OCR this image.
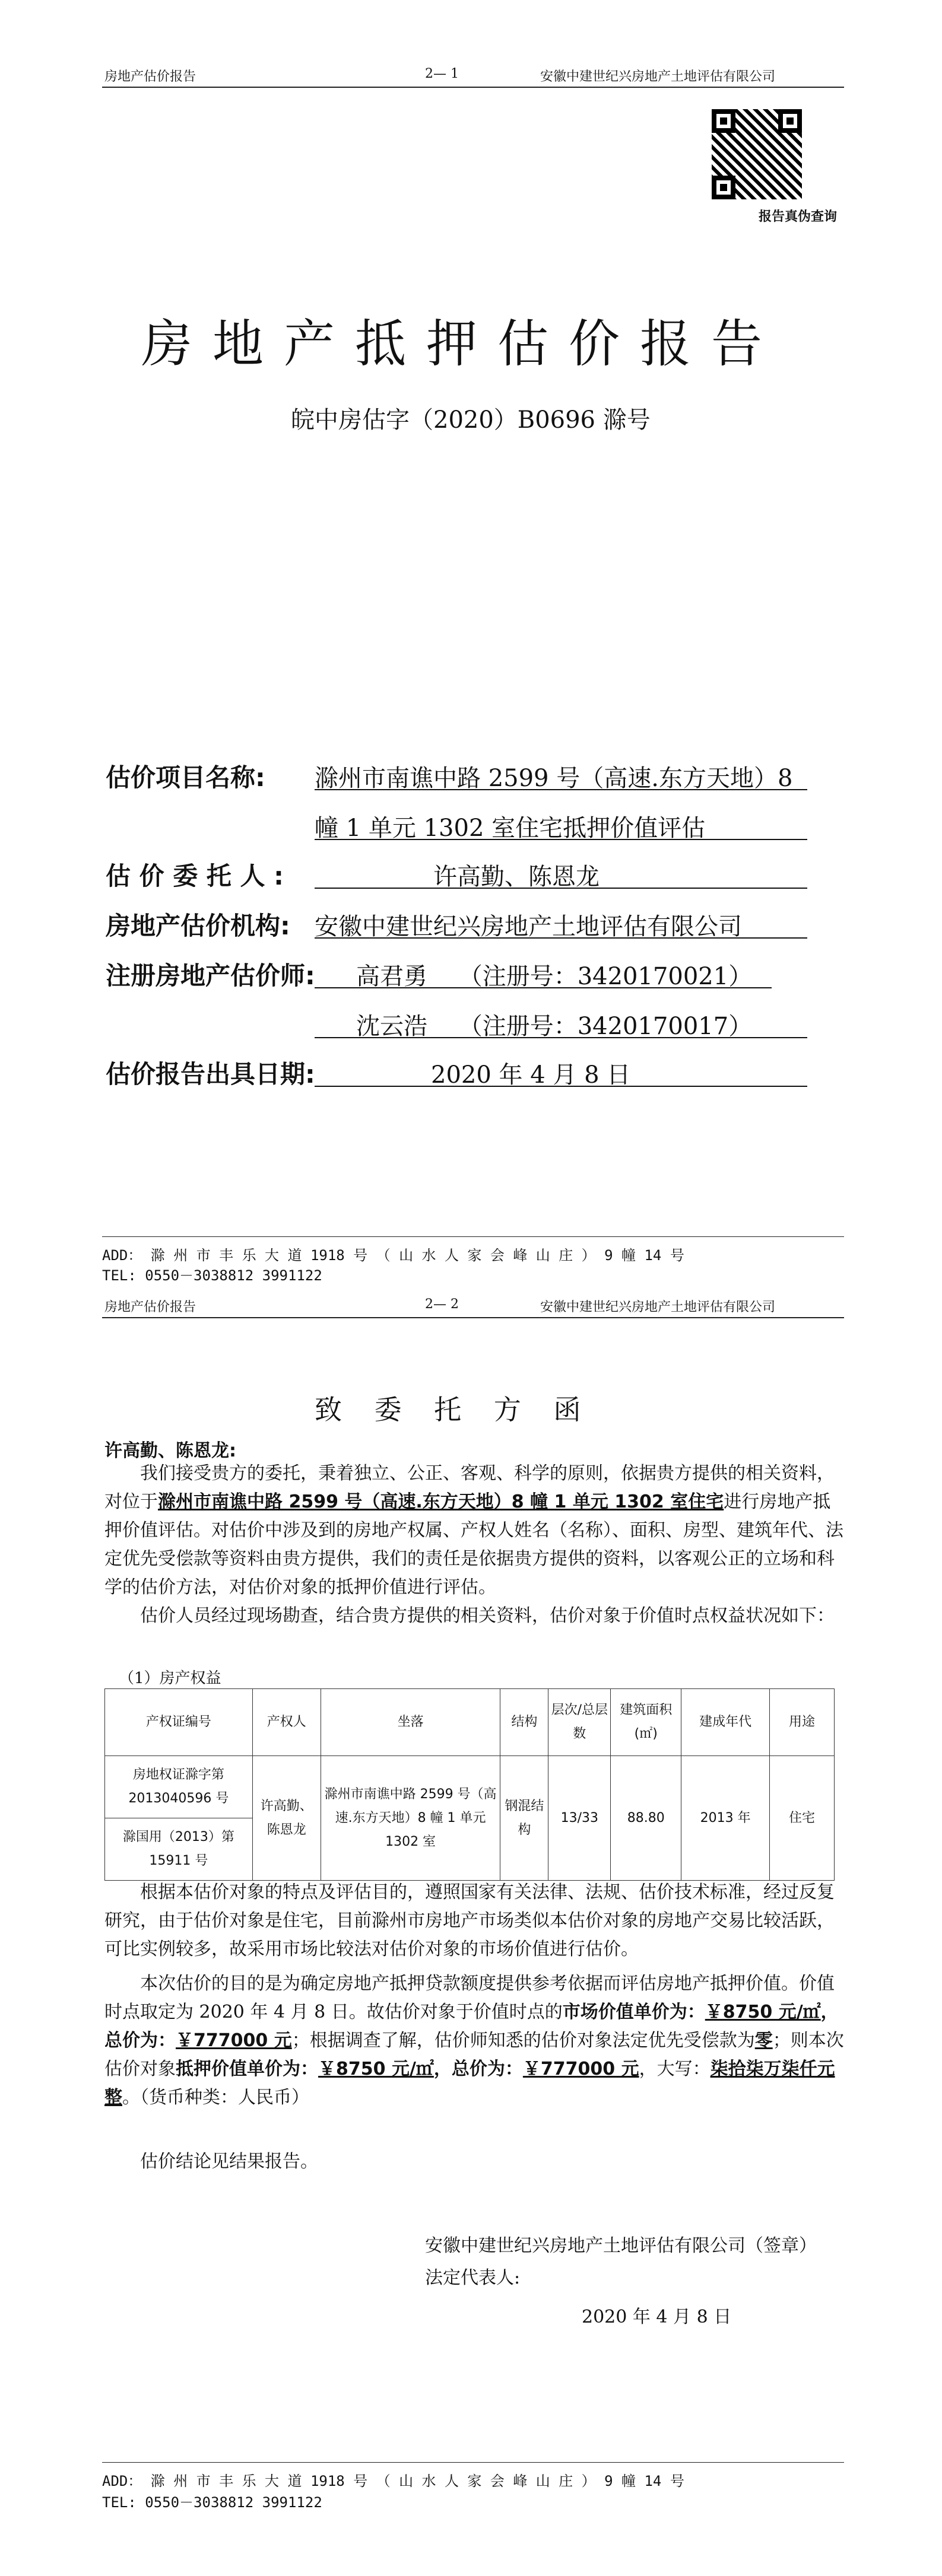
房地产估价报告	2— 1	安徽中建世纪兴房地产土地评估有限公司
报告真伪查询
房地产抵押估价报告
皖中房估字（2020）B0696 滁号
估价项目名称: 滁州市南谯中路 2599 号（高速.东方天地）8
幢 1 单元 1302 室住宅抵押价值评估
估 价 委 托 人 :	许高勤、陈恩龙
房地产估价机构: 安徽中建世纪兴房地产土地评估有限公司
注册房地产估价师: 高君勇　 （注册号：3420170021）
沈云浩　 （注册号：3420170017）
估价报告出具日期:	2020 年 4 月 8 日
ADD： 滁 州 市 丰 乐 大 道 1918 号 （ 山 水 人 家 会 峰 山 庄 ） 9 幢 14 号
TEL: 0550－3038812 3991122
房地产估价报告	2— 2	安徽中建世纪兴房地产土地评估有限公司
致 委 托 方 函
许高勤、陈恩龙:
我们接受贵方的委托，秉着独立、公正、客观、科学的原则，依据贵方提供的相关资料，对位于滁州市南谯中路 2599 号（高速.东方天地）8 幢 1 单元 1302 室住宅进行房地产抵押价值评估。对估价中涉及到的房地产权属、产权人姓名（名称）、面积、房型、建筑年代、法定优先受偿款等资料由贵方提供，我们的责任是依据贵方提供的资料，以客观公正的立场和科学的估价方法，对估价对象的抵押价值进行评估。
估价人员经过现场勘查，结合贵方提供的相关资料，估价对象于价值时点权益状况如下：
（1）房产权益
产权证编号	产权人	坐落	结构	层次/总层数	建筑面积(㎡)	建成年代	用途
房地权证滁字第 2013040596 号	许高勤、陈恩龙	滁州市南谯中路 2599 号（高速.东方天地）8 幢 1 单元 1302 室	钢混结构	13/33	88.80	2013 年	住宅
滁国用（2013）第 15911 号							
根据本估价对象的特点及评估目的，遵照国家有关法律、法规、估价技术标准，经过反复研究，由于估价对象是住宅，目前滁州市房地产市场类似本估价对象的房地产交易比较活跃，可比实例较多，故采用市场比较法对估价对象的市场价值进行估价。
本次估价的目的是为确定房地产抵押贷款额度提供参考依据而评估房地产抵押价值。价值时点取定为 2020 年 4 月 8 日。故估价对象于价值时点的市场价值单价为：￥8750 元/㎡，总价为：￥777000 元；根据调查了解，估价师知悉的估价对象法定优先受偿款为零；则本次估价对象抵押价值单价为：￥8750 元/㎡，总价为：￥777000 元，大写：柒拾柒万柒仟元整。（货币种类：人民币）
估价结论见结果报告。
安徽中建世纪兴房地产土地评估有限公司（签章）
法定代表人:
2020 年 4 月 8 日
ADD： 滁 州 市 丰 乐 大 道 1918 号 （ 山 水 人 家 会 峰 山 庄 ） 9 幢 14 号
TEL: 0550－3038812 3991122
